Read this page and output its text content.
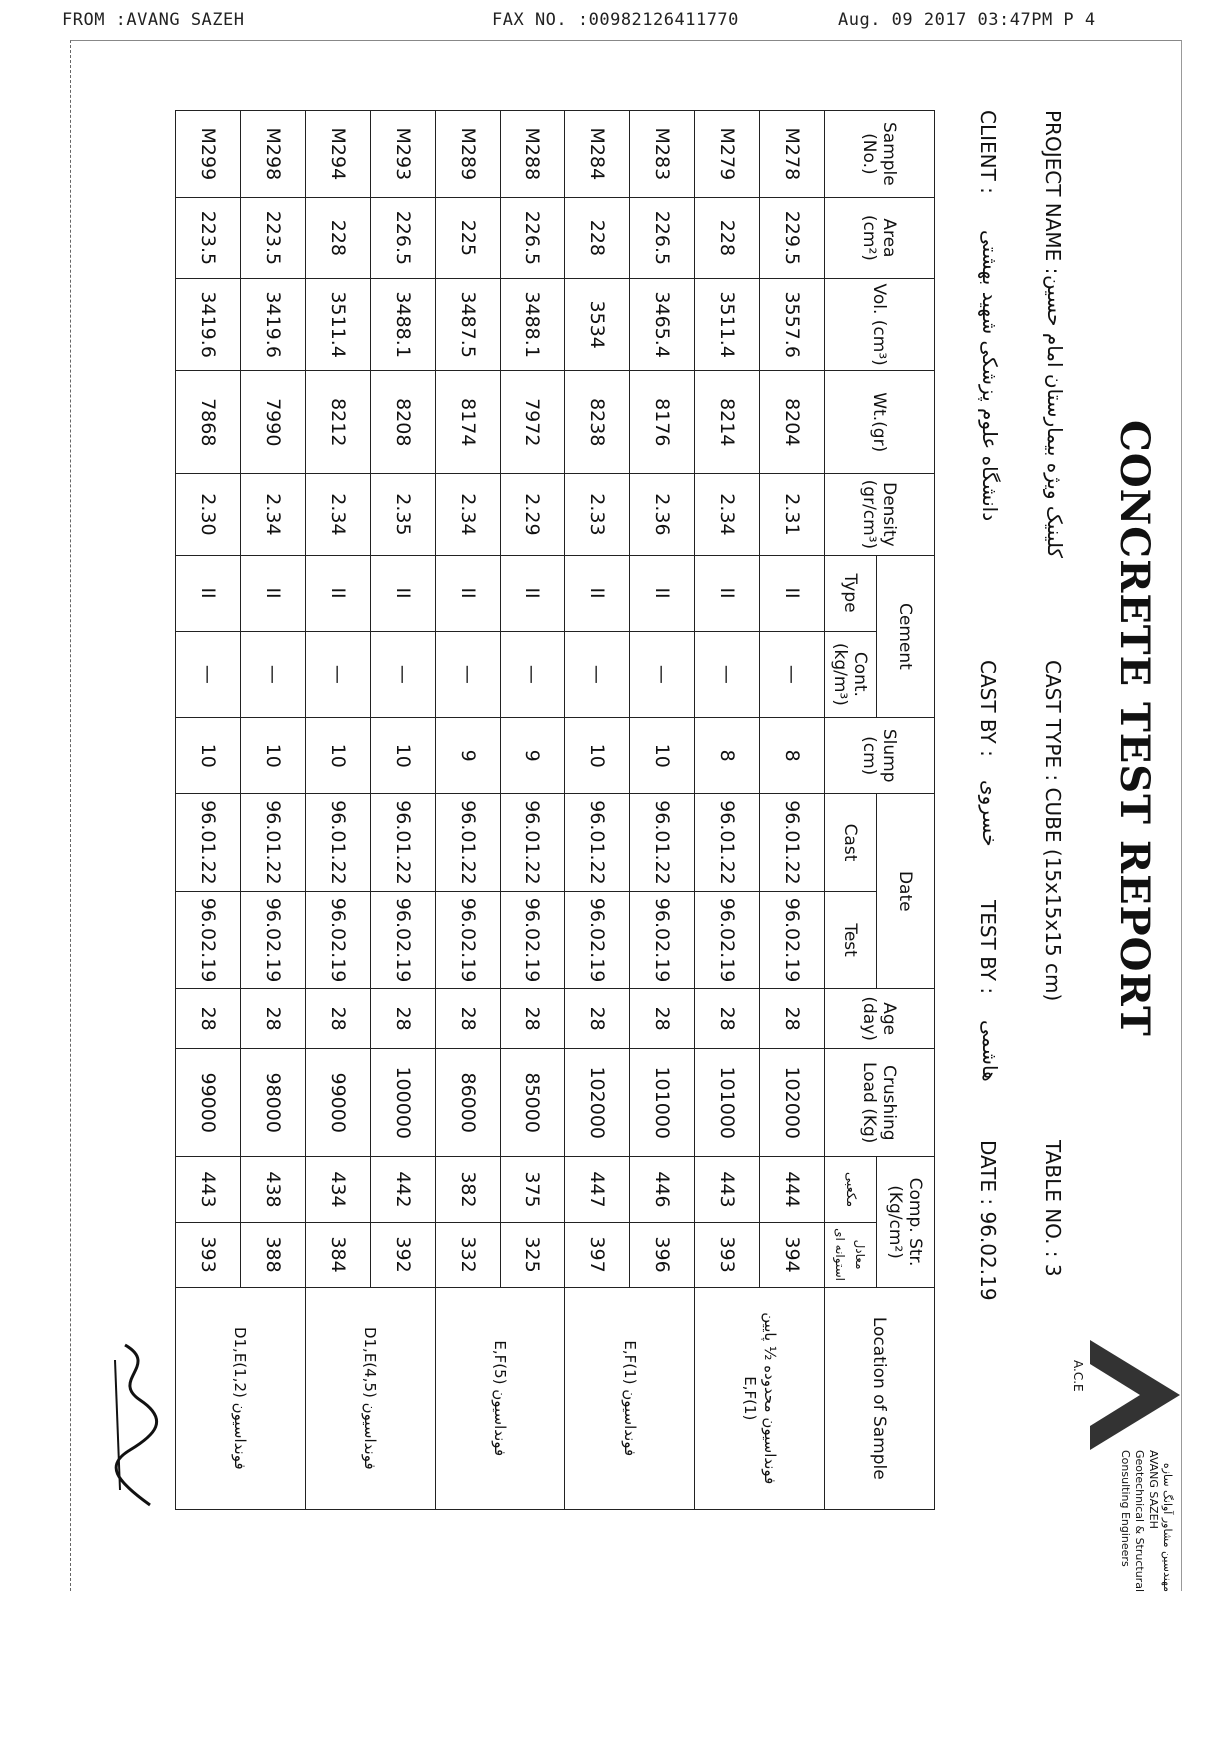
FROM :AVANG SAZEH	FAX NO. :00982126411770	Aug. 09 2017 03:47PM P 4
CONCRETE TEST REPORT
PROJECT NAME :
کلینیک ویژه بیمارستان امام حسین
CLIENT :
دانشگاه علوم پزشکی شهید بهشتی
CAST TYPE : CUBE (15x15x15 cm)
CAST BY :
خسروی
TEST BY :
هاشمی
TABLE NO. : 3
DATE : 96.02.19
A.C.E
مهندسین مشاور آوانگ سازه
AVANG SAZEH
Geotechnical & Structural
Consulting Engineers
Sample (No.)	Area (cm²)	Vol. (cm³)	Wt.(gr)	Density (gr/cm³)	Cement		Slump (cm)	Date		Age (day)	Crushing Load (Kg)	Comp. Str. (Kg/cm²)		Location of Sample
					Type	Cont. (kg/m³)		Cast	Test			مکعبی	معادل استوانه ای	
M278	229.5	3557.6	8204	2.31	II	—	8	96.01.22	96.02.19	28	102000	444	394	فونداسیون محدوده ½ پایین E,F(1)
M279	228	3511.4	8214	2.34	II	—	8	96.01.22	96.02.19	28	101000	443	393	
M283	226.5	3465.4	8176	2.36	II	—	10	96.01.22	96.02.19	28	101000	446	396	فونداسیون E,F(1)
M284	228	3534	8238	2.33	II	—	10	96.01.22	96.02.19	28	102000	447	397	
M288	226.5	3488.1	7972	2.29	II	—	9	96.01.22	96.02.19	28	85000	375	325	فونداسیون E,F(5)
M289	225	3487.5	8174	2.34	II	—	9	96.01.22	96.02.19	28	86000	382	332	
M293	226.5	3488.1	8208	2.35	II	—	10	96.01.22	96.02.19	28	100000	442	392	فونداسیون D1,E(4,5)
M294	228	3511.4	8212	2.34	II	—	10	96.01.22	96.02.19	28	99000	434	384	
M298	223.5	3419.6	7990	2.34	II	—	10	96.01.22	96.02.19	28	98000	438	388	فونداسیون D1,E(1,2)
M299	223.5	3419.6	7868	2.30	II	—	10	96.01.22	96.02.19	28	99000	443	393	
